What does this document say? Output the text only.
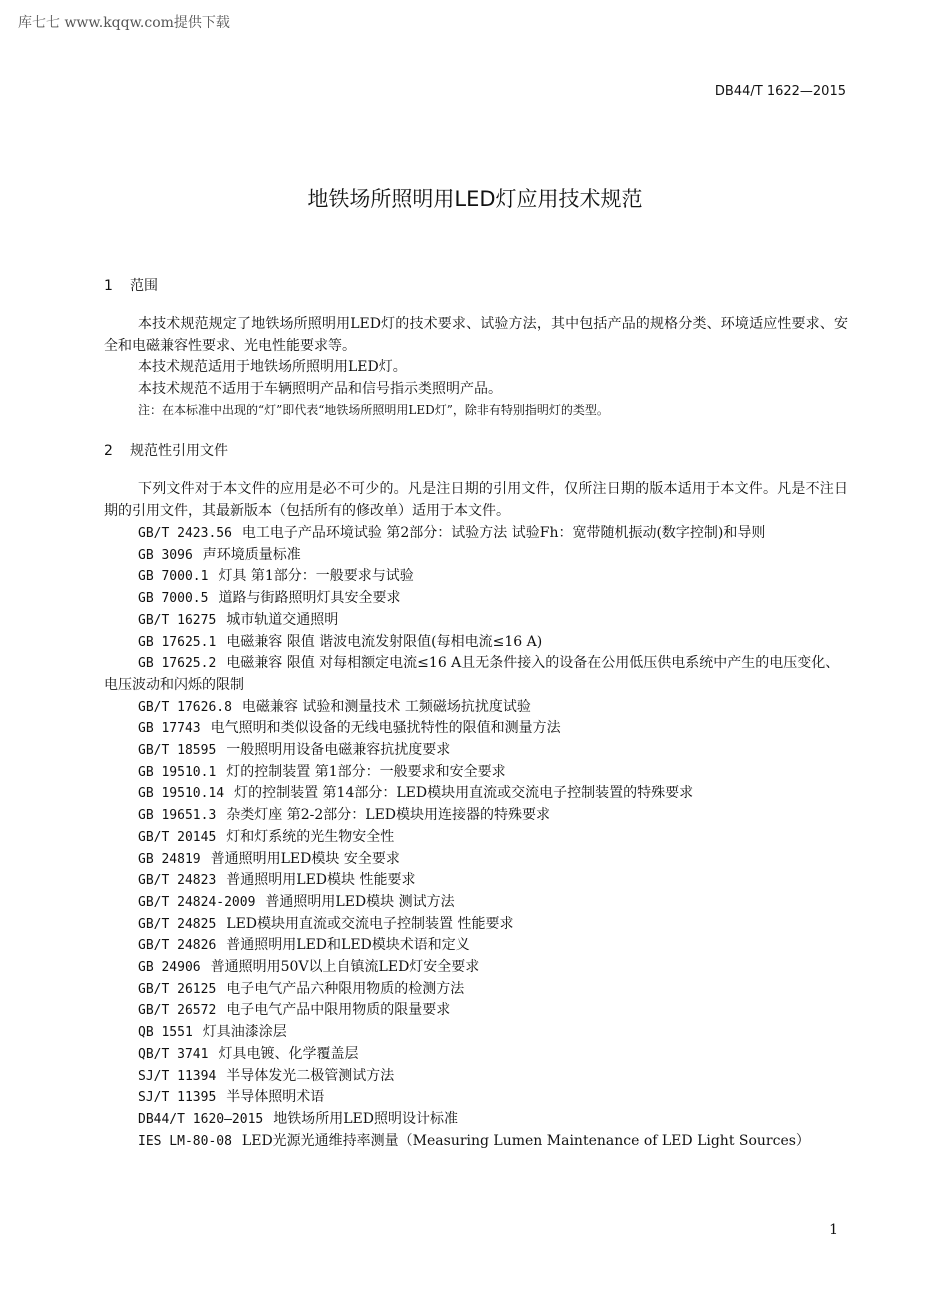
库七七 www.kqqw.com提供下载
DB44/T 1622—2015
地铁场所照明用LED灯应用技术规范
1 范围
本技术规范规定了地铁场所照明用LED灯的技术要求、试验方法，其中包括产品的规格分类、环境适应性要求、安全和电磁兼容性要求、光电性能要求等。
本技术规范适用于地铁场所照明用LED灯。
本技术规范不适用于车辆照明产品和信号指示类照明产品。
注：在本标准中出现的“灯”即代表“地铁场所照明用LED灯”，除非有特别指明灯的类型。
2 规范性引用文件
下列文件对于本文件的应用是必不可少的。凡是注日期的引用文件，仅所注日期的版本适用于本文件。凡是不注日期的引用文件，其最新版本（包括所有的修改单）适用于本文件。
GB/T 2423.56 电工电子产品环境试验 第2部分：试验方法 试验Fh：宽带随机振动(数字控制)和导则
GB 3096 声环境质量标准
GB 7000.1 灯具 第1部分：一般要求与试验
GB 7000.5 道路与街路照明灯具安全要求
GB/T 16275 城市轨道交通照明
GB 17625.1 电磁兼容 限值 谐波电流发射限值(每相电流≤16 A)
GB 17625.2 电磁兼容 限值 对每相额定电流≤16 A且无条件接入的设备在公用低压供电系统中产生的电压变化、电压波动和闪烁的限制
GB/T 17626.8 电磁兼容 试验和测量技术 工频磁场抗扰度试验
GB 17743 电气照明和类似设备的无线电骚扰特性的限值和测量方法
GB/T 18595 一般照明用设备电磁兼容抗扰度要求
GB 19510.1 灯的控制装置 第1部分：一般要求和安全要求
GB 19510.14 灯的控制装置 第14部分：LED模块用直流或交流电子控制装置的特殊要求
GB 19651.3 杂类灯座 第2-2部分：LED模块用连接器的特殊要求
GB/T 20145 灯和灯系统的光生物安全性
GB 24819 普通照明用LED模块 安全要求
GB/T 24823 普通照明用LED模块 性能要求
GB/T 24824-2009 普通照明用LED模块 测试方法
GB/T 24825 LED模块用直流或交流电子控制装置 性能要求
GB/T 24826 普通照明用LED和LED模块术语和定义
GB 24906 普通照明用50V以上自镇流LED灯安全要求
GB/T 26125 电子电气产品六种限用物质的检测方法
GB/T 26572 电子电气产品中限用物质的限量要求
QB 1551 灯具油漆涂层
QB/T 3741 灯具电镀、化学覆盖层
SJ/T 11394 半导体发光二极管测试方法
SJ/T 11395 半导体照明术语
DB44/T 1620—2015 地铁场所用LED照明设计标准
IES LM-80-08 LED光源光通维持率测量（Measuring Lumen Maintenance of LED Light Sources）
1
